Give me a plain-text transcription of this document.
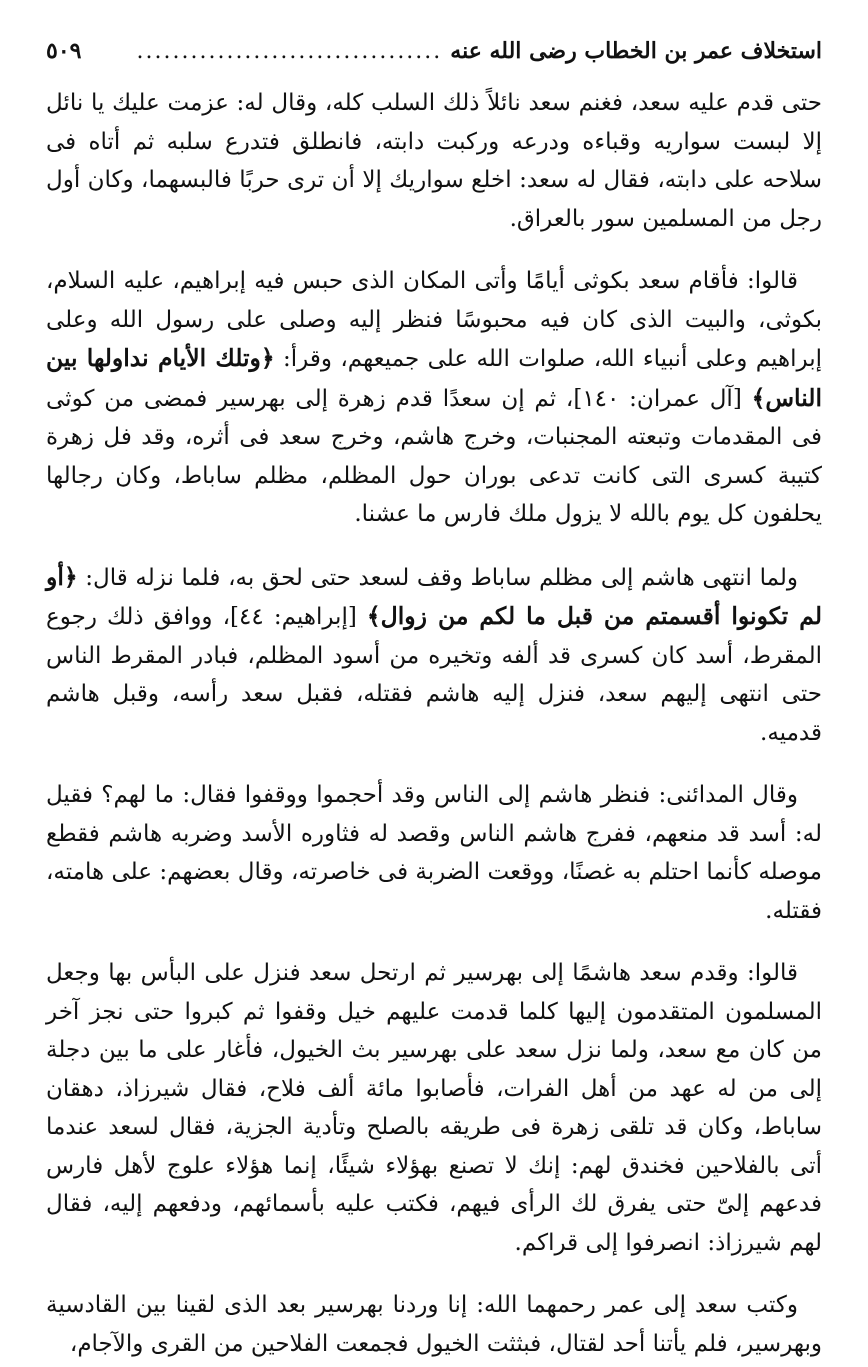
استخلاف عمر بن الخطاب رضى الله عنه
..................................
٥٠٩

حتى قدم عليه سعد، فغنم سعد نائلاً ذلك السلب كله، وقال له: عزمت عليك يا نائل إلا لبست سواريه وقباءه ودرعه وركبت دابته، فانطلق فتدرع سلبه ثم أتاه فى سلاحه على دابته، فقال له سعد: اخلع سواريك إلا أن ترى حربًا فالبسهما، وكان أول رجل من المسلمين سور بالعراق.

قالوا: فأقام سعد بكوثى أيامًا وأتى المكان الذى حبس فيه إبراهيم، عليه السلام، بكوثى، والبيت الذى كان فيه محبوسًا فنظر إليه وصلى على رسول الله وعلى إبراهيم وعلى أنبياء الله، صلوات الله على جميعهم، وقرأ: ﴿وتلك الأيام نداولها بين الناس﴾ [آل عمران: ١٤٠]، ثم إن سعدًا قدم زهرة إلى بهرسير فمضى من كوثى فى المقدمات وتبعته المجنبات، وخرج هاشم، وخرج سعد فى أثره، وقد فل زهرة كتيبة كسرى التى كانت تدعى بوران حول المظلم، مظلم ساباط، وكان رجالها يحلفون كل يوم بالله لا يزول ملك فارس ما عشنا.

ولما انتهى هاشم إلى مظلم ساباط وقف لسعد حتى لحق به، فلما نزله قال: ﴿أو لم تكونوا أقسمتم من قبل ما لكم من زوال﴾ [إبراهيم: ٤٤]، ووافق ذلك رجوع المقرط، أسد كان كسرى قد ألفه وتخيره من أسود المظلم، فبادر المقرط الناس حتى انتهى إليهم سعد، فنزل إليه هاشم فقتله، فقبل سعد رأسه، وقبل هاشم قدميه.

وقال المدائنى: فنظر هاشم إلى الناس وقد أحجموا ووقفوا فقال: ما لهم؟ فقيل له: أسد قد منعهم، ففرج هاشم الناس وقصد له فثاوره الأسد وضربه هاشم فقطع موصله كأنما احتلم به غصنًا، ووقعت الضربة فى خاصرته، وقال بعضهم: على هامته، فقتله.

قالوا: وقدم سعد هاشمًا إلى بهرسير ثم ارتحل سعد فنزل على البأس بها وجعل المسلمون المتقدمون إليها كلما قدمت عليهم خيل وقفوا ثم كبروا حتى نجز آخر من كان مع سعد، ولما نزل سعد على بهرسير بث الخيول، فأغار على ما بين دجلة إلى من له عهد من أهل الفرات، فأصابوا مائة ألف فلاح، فقال شيرزاذ، دهقان ساباط، وكان قد تلقى زهرة فى طريقه بالصلح وتأدية الجزية، فقال لسعد عندما أتى بالفلاحين فخندق لهم: إنك لا تصنع بهؤلاء شيئًا، إنما هؤلاء علوج لأهل فارس فدعهم إلىّ حتى يفرق لك الرأى فيهم، فكتب عليه بأسمائهم، ودفعهم إليه، فقال لهم شيرزاذ: انصرفوا إلى قراكم.

وكتب سعد إلى عمر رحمهما الله: إنا وردنا بهرسير بعد الذى لقينا بين القادسية وبهرسير، فلم يأتنا أحد لقتال، فبثثت الخيول فجمعت الفلاحين من القرى والآجام،
